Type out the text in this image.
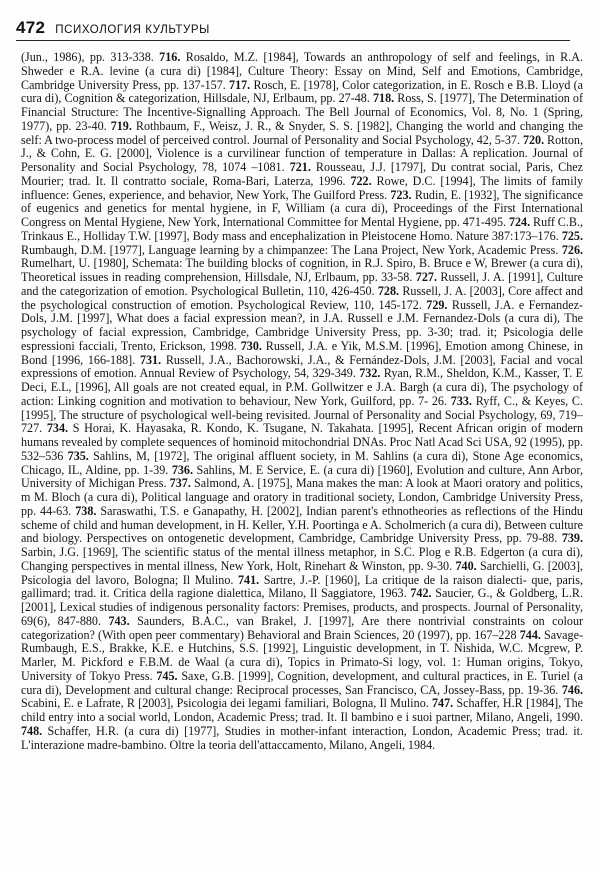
472 ПСИХОЛОГИЯ КУЛЬТУРЫ
(Jun., 1986), pp. 313-338. 716. Rosaldo, M.Z. [1984], Towards an anthropology of self and feelings, in R.A. Shweder e R.A. levine (a cura di) [1984], Culture Theory: Essay on Mind, Self and Emotions, Cambridge, Cambridge University Press, pp. 137-157. 717. Rosch, E. [1978], Color categorization, in E. Rosch e B.B. Lloyd (a cura di), Cognition & categorization, Hillsdale, NJ, Erlbaum, pp. 27-48. 718. Ross, S. [1977], The Determination of Financial Structure: The Incentive-Signalling Approach. The Bell Journal of Economics, Vol. 8, No. 1 (Spring, 1977), pp. 23-40. 719. Rothbaum, F., Weisz, J. R., & Snyder, S. S. [1982], Changing the world and changing the self: A two-process model of perceived control. Journal of Personality and Social Psychology, 42, 5-37. 720. Rotton, J., & Cohn, E. G. [2000], Violence is a curvilinear function of temperature in Dallas: A replication. Journal of Personality and Social Psychology, 78, 1074 –1081. 721. Rousseau, J.J. [1797], Du contrat social, Paris, Chez Mourier; trad. It. Il contratto sociale, Roma-Bari, Laterza, 1996. 722. Rowe, D.C. [1994], The limits of family influence: Genes, experience, and behavior, New York, The Guilford Press. 723. Rudin, E. [1932], The significance of eugenics and genetics for mental hygiene, in F, William (a cura di), Proceedings of the First International Congress on Mental Hygiene, New York, International Committee for Mental Hygiene, pp. 471-495. 724. Ruff C.B., Trinkaus E., Holliday T.W. [1997], Body mass and encephalization in Pleistocene Homo. Nature 387:173–176. 725. Rumbaugh, D.M. [1977], Language learning by a chimpanzee: The Lana Project, New York, Academic Press. 726. Rumelhart, U. [1980], Schemata: The building blocks of cognition, in R.J. Spiro, B. Bruce e W, Brewer (a cura di), Theoretical issues in reading comprehension, Hillsdale, NJ, Erlbaum, pp. 33-58. 727. Russell, J. A. [1991], Culture and the categorization of emotion. Psychological Bulletin, 110, 426-450. 728. Russell, J. A. [2003], Core affect and the psychological construction of emotion. Psychological Review, 110, 145-172. 729. Russell, J.A. e Fernandez-Dols, J.M. [1997], What does a facial expression mean?, in J.A. Russell e J.M. Fernandez-Dols (a cura di), The psychology of facial expression, Cambridge, Cambridge University Press, pp. 3-30; trad. it; Psicologia delle espressioni facciali, Trento, Erickson, 1998. 730. Russell, J.A. e Yik, M.S.M. [1996], Emotion among Chinese, in Bond [1996, 166-188]. 731. Russell, J.A., Bachorowski, J.A., & Fernández-Dols, J.M. [2003], Facial and vocal expressions of emotion. Annual Review of Psychology, 54, 329-349. 732. Ryan, R.M., Sheldon, K.M., Kasser, T. E Deci, E.L, [1996], All goals are not created equal, in P.M. Gollwitzer e J.A. Bargh (a cura di), The psychology of action: Linking cognition and motivation to behaviour, New York, Guilford, pp. 7- 26. 733. Ryff, C., & Keyes, C. [1995], The structure of psychological well-being revisited. Journal of Personality and Social Psychology, 69, 719–727. 734. S Horai, K. Hayasaka, R. Kondo, K. Tsugane, N. Takahata. [1995], Recent African origin of modern humans revealed by complete sequences of hominoid mitochondrial DNAs. Proc Natl Acad Sci USA, 92 (1995), pp. 532–536 735. Sahlins, M, [1972], The original affluent society, in M. Sahlins (a cura di), Stone Age economics, Chicago, IL, Aldine, pp. 1-39. 736. Sahlins, M. E Service, E. (a cura di) [1960], Evolution and culture, Ann Arbor, University of Michigan Press. 737. Salmond, A. [1975], Mana makes the man: A look at Maori oratory and politics, m M. Bloch (a cura di), Political language and oratory in traditional society, London, Cambridge University Press, pp. 44-63. 738. Saraswathi, T.S. e Ganapathy, H. [2002], Indian parent's ethnotheories as reflections of the Hindu scheme of child and human development, in H. Keller, Y.H. Poortinga e A. Scholmerich (a cura di), Between culture and biology. Perspectives on ontogenetic development, Cambridge, Cambridge University Press, pp. 79-88. 739. Sarbin, J.G. [1969], The scientific status of the mental illness metaphor, in S.C. Plog e R.B. Edgerton (a cura di), Changing perspectives in mental illness, New York, Holt, Rinehart & Winston, pp. 9-30. 740. Sarchielli, G. [2003], Psicologia del lavoro, Bologna; Il Mulino. 741. Sartre, J.-P. [1960], La critique de la raison dialecti- que, paris, gallimard; trad. it. Critica della ragione dialettica, Milano, Il Saggiatore, 1963. 742. Saucier, G., & Goldberg, L.R. [2001], Lexical studies of indigenous personality factors: Premises, products, and prospects. Journal of Personality, 69(6), 847-880. 743. Saunders, B.A.C., van Brakel, J. [1997], Are there nontrivial constraints on colour categorization? (With open peer commentary) Behavioral and Brain Sciences, 20 (1997), pp. 167–228 744. Savage-Rumbaugh, E.S., Brakke, K.E. e Hutchins, S.S. [1992], Linguistic development, in T. Nishida, W.C. Mcgrew, P. Marler, M. Pickford e F.B.M. de Waal (a cura di), Topics in Primato-Si logy, vol. 1: Human origins, Tokyo, University of Tokyo Press. 745. Saxe, G.B. [1999], Cognition, development, and cultural practices, in E. Turiel (a cura di), Development and cultural change: Reciprocal processes, San Francisco, CA, Jossey-Bass, pp. 19-36. 746. Scabini, E. e Lafrate, R [2003], Psicologia dei legami familiari, Bologna, Il Mulino. 747. Schaffer, H.R [1984], The child entry into a social world, London, Academic Press; trad. It. Il bambino e i suoi partner, Milano, Angeli, 1990. 748. Schaffer, H.R. (a cura di) [1977], Studies in mother-infant interaction, London, Academic Press; trad. it. L'interazione madre-bambino. Oltre la teoria dell'attaccamento, Milano, Angeli, 1984.
